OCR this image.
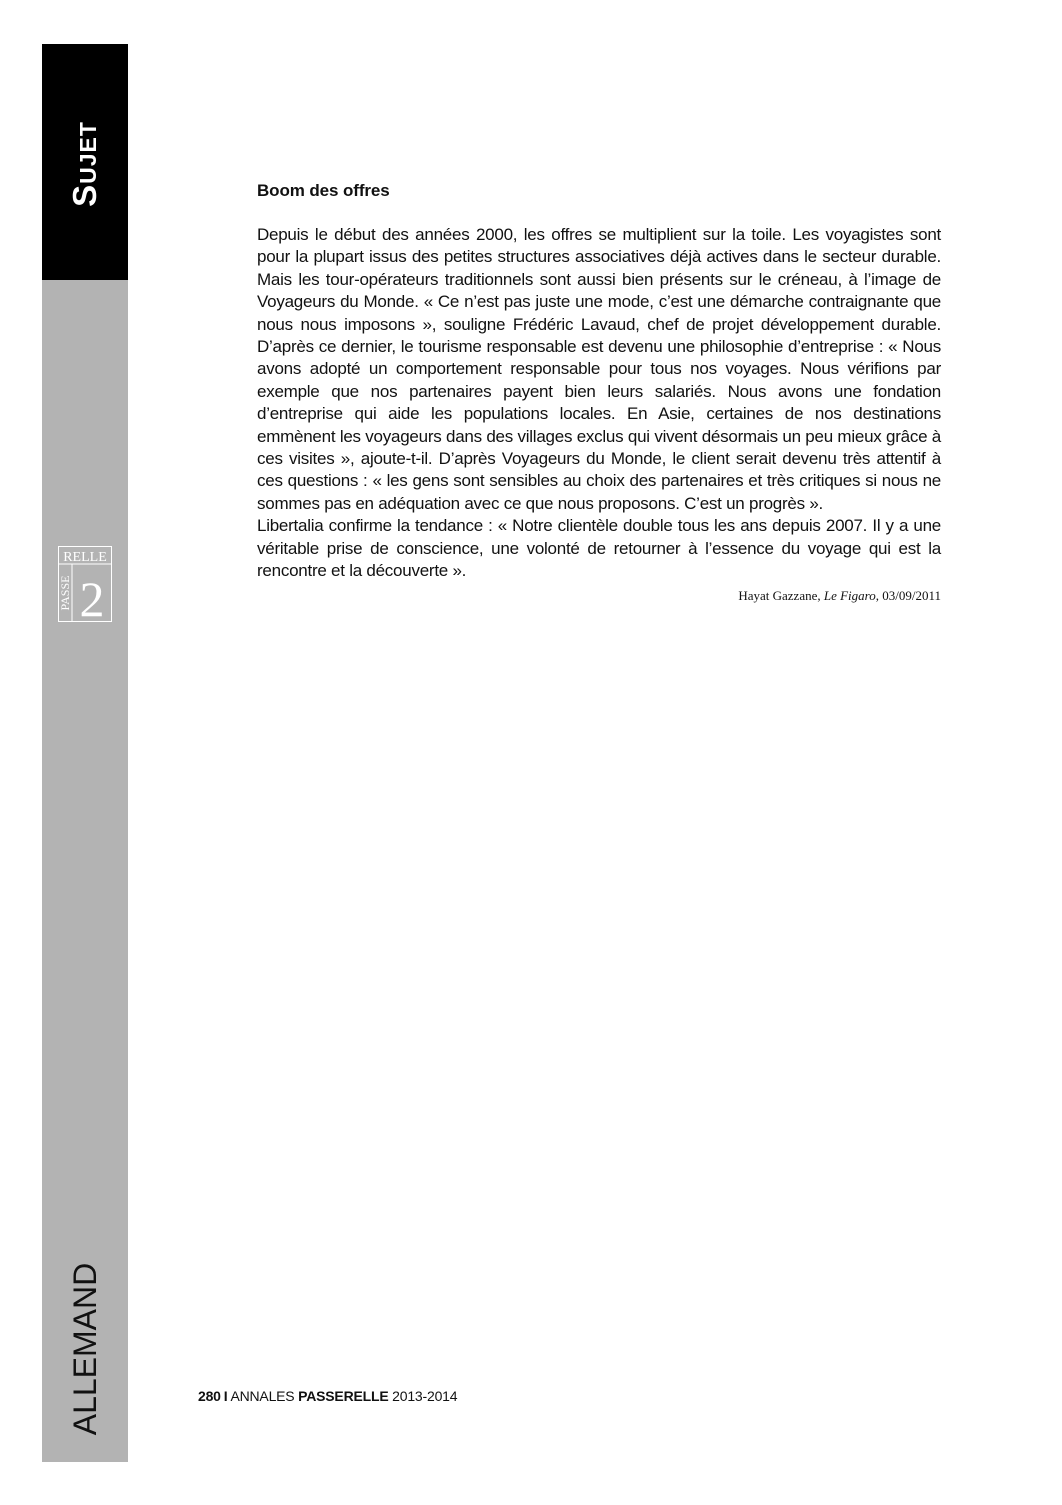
Sujet
RELLE
PASSE 2
ALLEMAND
Boom des offres

Depuis le début des années 2000, les offres se multiplient sur la toile. Les voyagistes sont pour la plupart issus des petites structures associatives déjà actives dans le secteur durable. Mais les tour-opérateurs traditionnels sont aussi bien présents sur le créneau, à l’image de Voyageurs du Monde. « Ce n’est pas juste une mode, c’est une démarche contraignante que nous nous imposons », souligne Frédéric Lavaud, chef de projet développement durable. D’après ce dernier, le tourisme responsable est devenu une philosophie d’entreprise : « Nous avons adopté un comportement responsable pour tous nos voyages. Nous vérifions par exemple que nos partenaires payent bien leurs salariés. Nous avons une fondation d’entreprise qui aide les populations locales. En Asie, certaines de nos destinations emmènent les voyageurs dans des villages exclus qui vivent désormais un peu mieux grâce à ces visites », ajoute-t-il. D’après Voyageurs du Monde, le client serait devenu très attentif à ces questions : « les gens sont sensibles au choix des partenaires et très critiques si nous ne sommes pas en adéquation avec ce que nous proposons. C’est un progrès ».

Libertalia confirme la tendance : « Notre clientèle double tous les ans depuis 2007. Il y a une véritable prise de conscience, une volonté de retourner à l’essence du voyage qui est la rencontre et la découverte ».

Hayat Gazzane, Le Figaro, 03/09/2011
280 I ANNALES PASSERELLE 2013-2014
